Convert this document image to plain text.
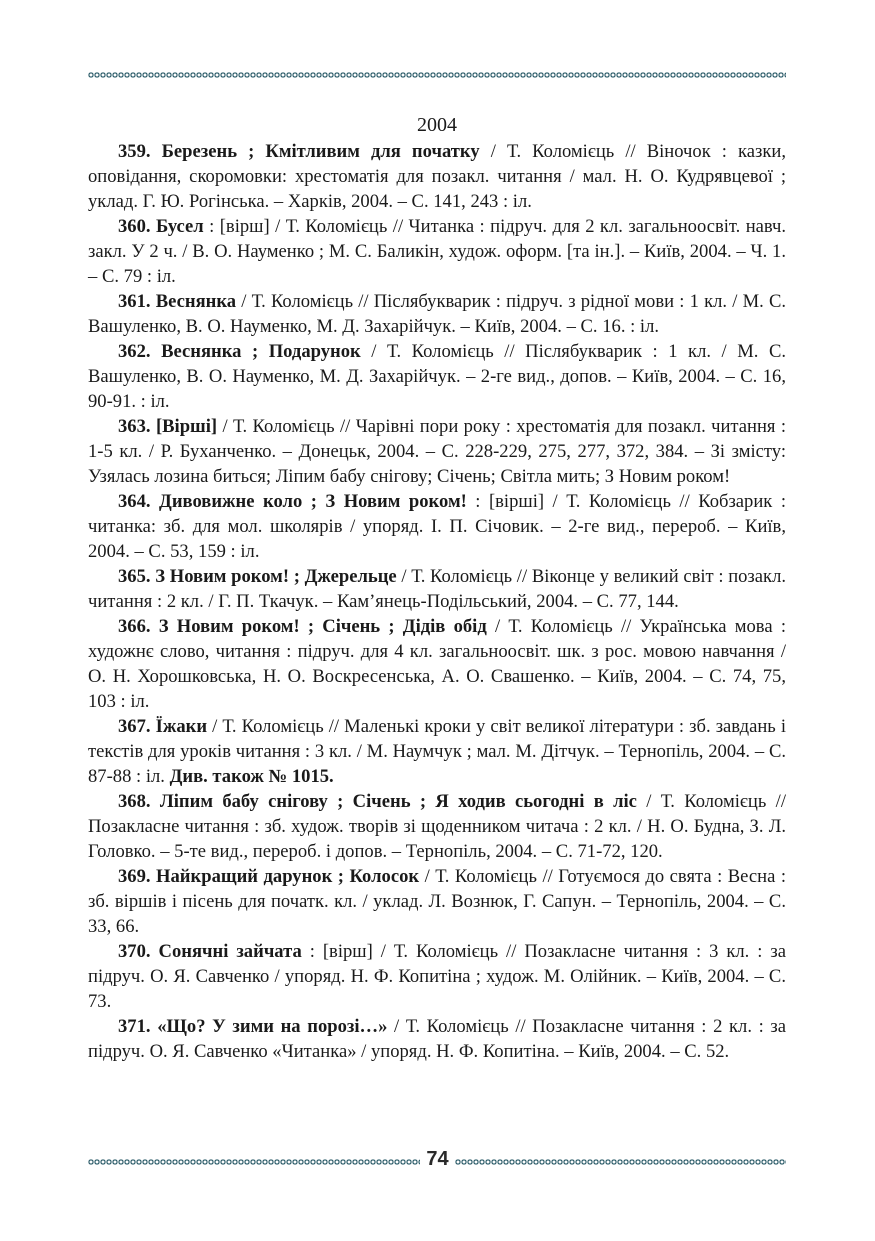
2004

359. Березень ; Кмітливим для початку / Т. Коломієць // Віночок : казки, оповідання, скоромовки: хрестоматія для позакл. читання / мал. Н. О. Кудрявцевої ; уклад. Г. Ю. Рогінська. – Харків, 2004. – С. 141, 243 : іл.

360. Бусел : [вірш] / Т. Коломієць // Читанка : підруч. для 2 кл. загальноосвіт. навч. закл. У 2 ч. / В. О. Науменко ; М. С. Баликін, худож. оформ. [та ін.]. – Київ, 2004. – Ч. 1. – С. 79 : іл.

361. Веснянка / Т. Коломієць // Післябукварик : підруч. з рідної мови : 1 кл. / М. С. Вашуленко, В. О. Науменко, М. Д. Захарійчук. – Київ, 2004. – С. 16. : іл.

362. Веснянка ; Подарунок / Т. Коломієць // Післябукварик : 1 кл. / М. С. Вашуленко, В. О. Науменко, М. Д. Захарійчук. – 2-ге вид., допов. – Київ, 2004. – С. 16, 90-91. : іл.

363. [Вірші] / Т. Коломієць // Чарівні пори року : хрестоматія для позакл. читання : 1-5 кл. / Р. Буханченко. – Донецьк, 2004. – С. 228-229, 275, 277, 372, 384. – Зі змісту: Узялась лозина биться; Ліпим бабу снігову; Січень; Світла мить; З Новим роком!

364. Дивовижне коло ; З Новим роком! : [вірші] / Т. Коломієць // Кобзарик : читанка: зб. для мол. школярів / упоряд. І. П. Січовик. – 2-ге вид., перероб. – Київ, 2004. – С. 53, 159 : іл.

365. З Новим роком! ; Джерельце / Т. Коломієць // Віконце у великий світ : позакл. читання : 2 кл. / Г. П. Ткачук. – Кам’янець-Подільський, 2004. – С. 77, 144.

366. З Новим роком! ; Січень ; Дідів обід / Т. Коломієць // Українська мова : художнє слово, читання : підруч. для 4 кл. загальноосвіт. шк. з рос. мовою навчання / О. Н. Хорошковська, Н. О. Воскресенська, А. О. Свашенко. – Київ, 2004. – С. 74, 75, 103 : іл.

367. Їжаки / Т. Коломієць // Маленькі кроки у світ великої літератури : зб. завдань і текстів для уроків читання : 3 кл. / М. Наумчук ; мал. М. Дітчук. – Тернопіль, 2004. – С. 87-88 : іл. Див. також № 1015.

368. Ліпим бабу снігову ; Січень ; Я ходив сьогодні в ліс / Т. Коломієць // Позакласне читання : зб. худож. творів зі щоденником читача : 2 кл. / Н. О. Будна, З. Л. Головко. – 5-те вид., перероб. і допов. – Тернопіль, 2004. – С. 71-72, 120.

369. Найкращий дарунок ; Колосок / Т. Коломієць // Готуємося до свята : Весна : зб. віршів і пісень для початк. кл. / уклад. Л. Вознюк, Г. Сапун. – Тернопіль, 2004. – С. 33, 66.

370. Сонячні зайчата : [вірш] / Т. Коломієць // Позакласне читання : 3 кл. : за підруч. О. Я. Савченко / упоряд. Н. Ф. Копитіна ; худож. М. Олійник. – Київ, 2004. – С. 73.

371. «Що? У зими на порозі…» / Т. Коломієць // Позакласне читання : 2 кл. : за підруч. О. Я. Савченко «Читанка» / упоряд. Н. Ф. Копитіна. – Київ, 2004. – С. 52.

74
